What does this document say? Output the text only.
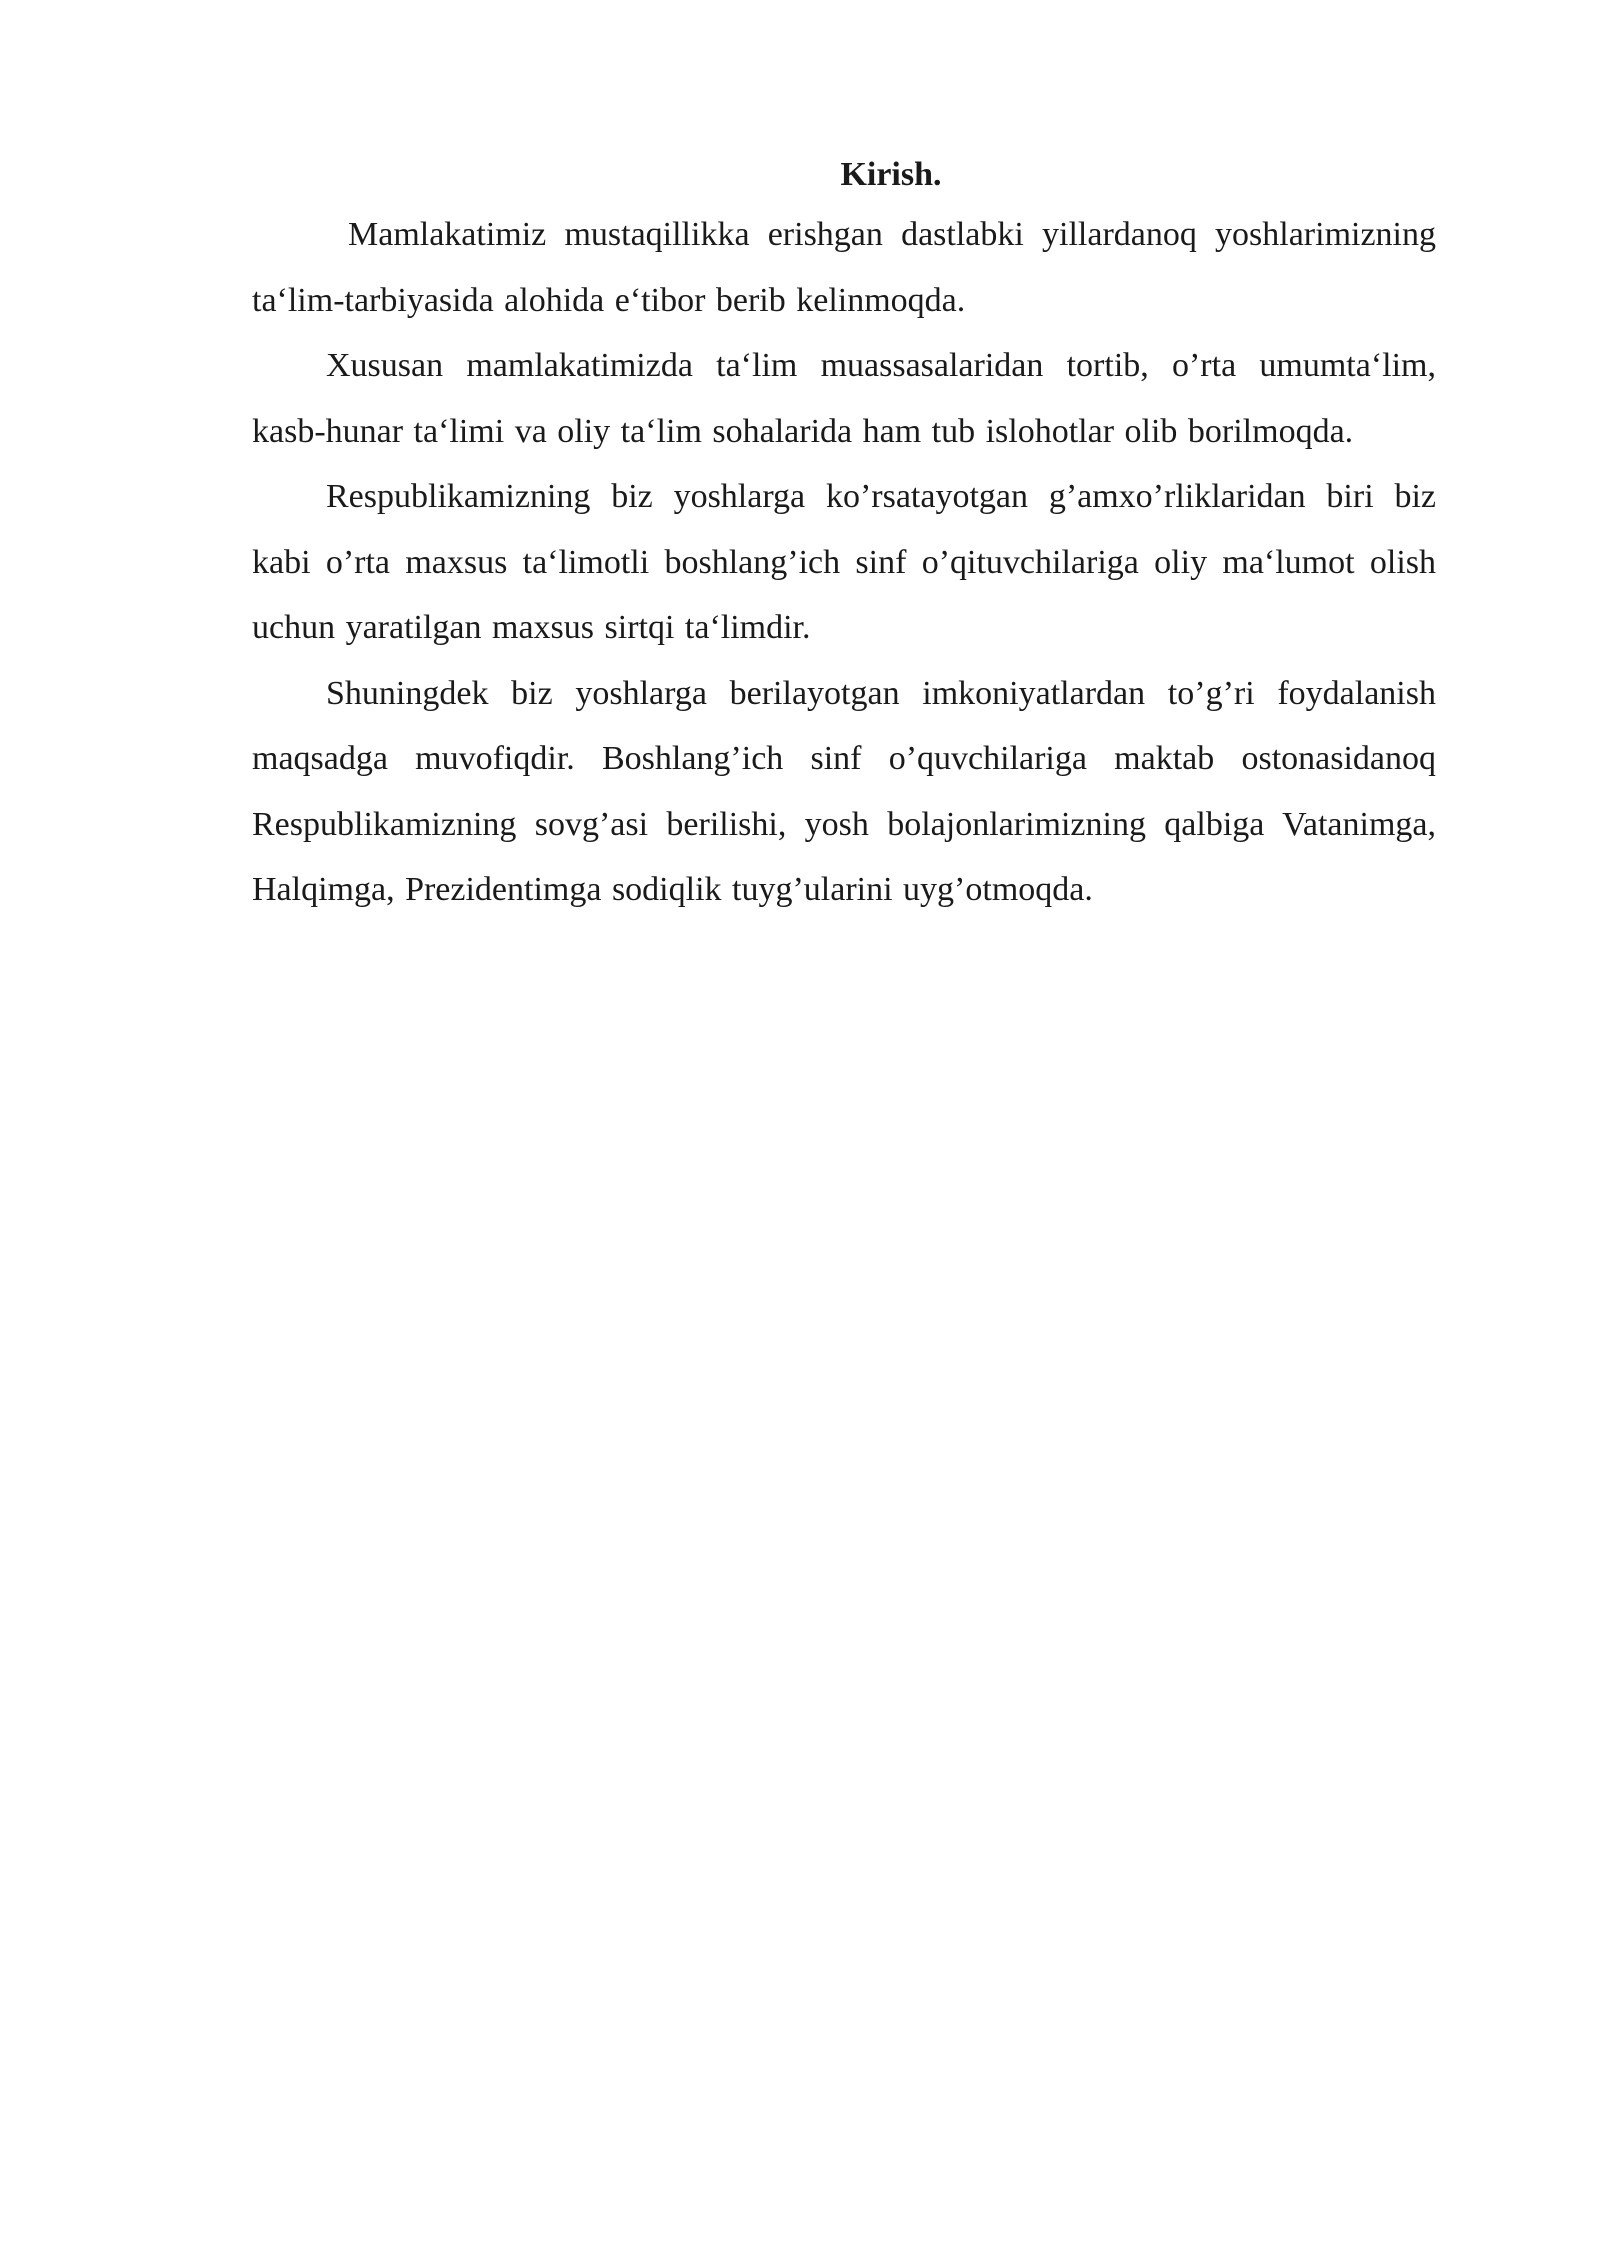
Kirish.

Mamlakatimiz mustaqillikka erishgan dastlabki yillardanoq yoshlarimizning ta‘lim-tarbiyasida alohida e‘tibor berib kelinmoqda.

Xususan mamlakatimizda ta‘lim muassasalaridan tortib, o’rta umumta‘lim, kasb-hunar ta‘limi va oliy ta‘lim sohalarida ham tub islohotlar olib borilmoqda.

Respublikamizning biz yoshlarga ko’rsatayotgan g’amxo’rliklaridan biri biz kabi o’rta maxsus ta‘limotli boshlang’ich sinf o’qituvchilariga oliy ma‘lumot olish uchun yaratilgan maxsus sirtqi ta‘limdir.

Shuningdek biz yoshlarga berilayotgan imkoniyatlardan to’g’ri foydalanish maqsadga muvofiqdir. Boshlang’ich sinf o’quvchilariga maktab ostonasidanoq Respublikamizning sovg’asi berilishi, yosh bolajonlarimizning qalbiga Vatanimga, Halqimga, Prezidentimga sodiqlik tuyg’ularini uyg’otmoqda.
